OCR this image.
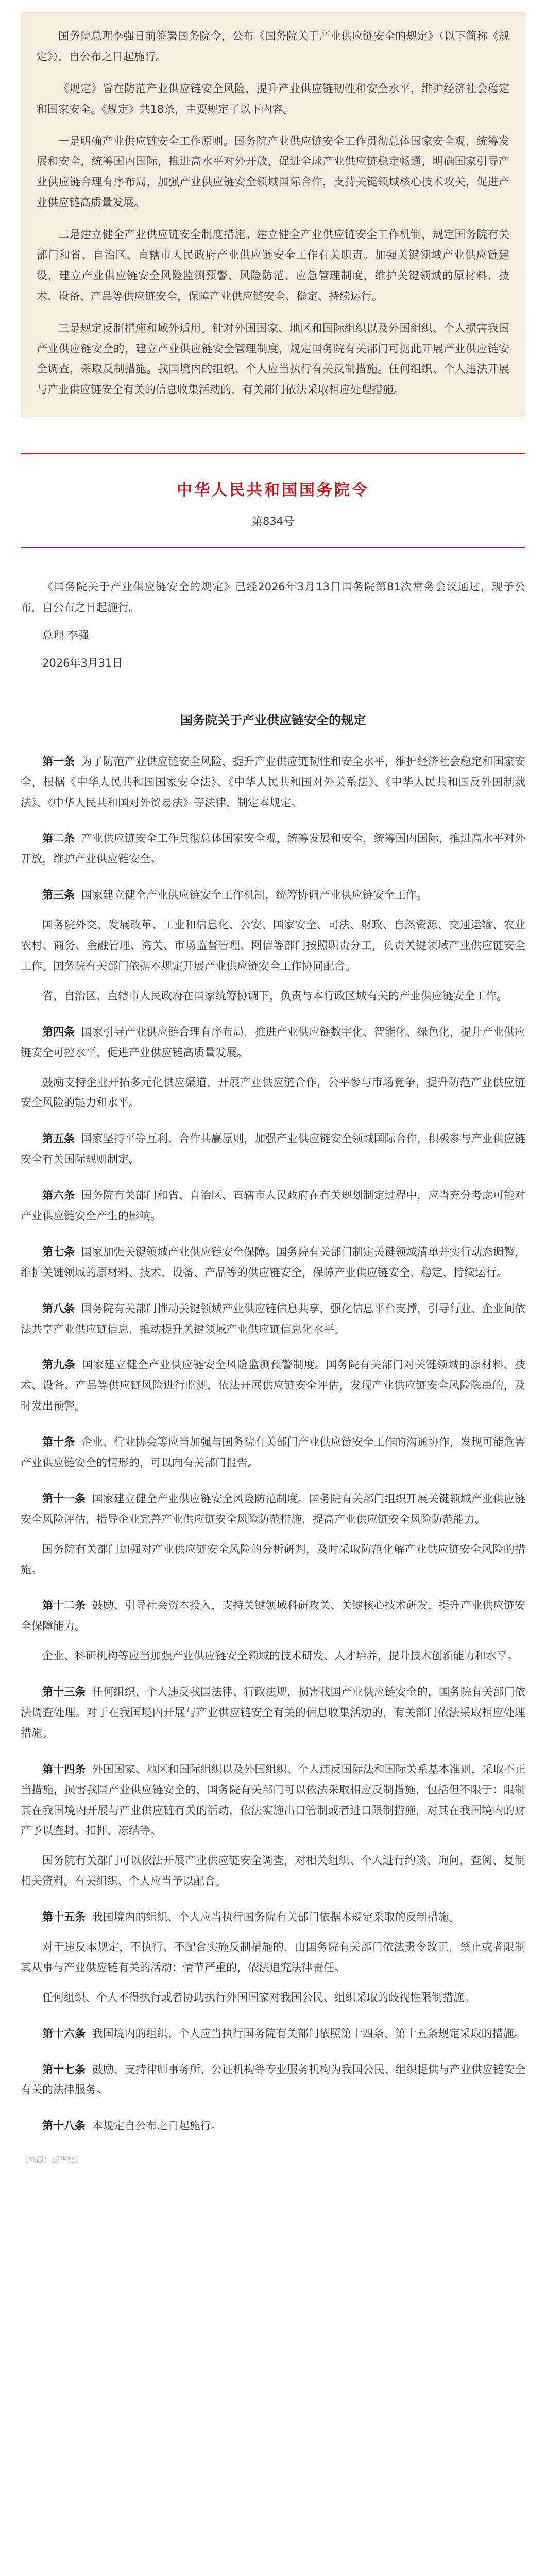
国务院总理李强日前签署国务院令，公布《国务院关于产业供应链安全的规定》（以下简称《规定》），自公布之日起施行。

《规定》旨在防范产业供应链安全风险，提升产业供应链韧性和安全水平，维护经济社会稳定和国家安全。《规定》共18条，主要规定了以下内容。

一是明确产业供应链安全工作原则。国务院产业供应链安全工作贯彻总体国家安全观，统筹发展和安全，统筹国内国际，推进高水平对外开放，促进全球产业供应链稳定畅通，明确国家引导产业供应链合理有序布局，加强产业供应链安全领域国际合作，支持关键领域核心技术攻关，促进产业供应链高质量发展。

二是建立健全产业供应链安全制度措施。建立健全产业供应链安全工作机制，规定国务院有关部门和省、自治区、直辖市人民政府产业供应链安全工作有关职责。加强关键领域产业供应链建设，建立产业供应链安全风险监测预警、风险防范、应急管理制度，维护关键领域的原材料、技术、设备、产品等供应链安全，保障产业供应链安全、稳定、持续运行。

三是规定反制措施和域外适用。针对外国国家、地区和国际组织以及外国组织、个人损害我国产业供应链安全的，建立产业供应链安全管理制度，规定国务院有关部门可据此开展产业供应链安全调查，采取反制措施。我国境内的组织、个人应当执行有关反制措施。任何组织、个人违法开展与产业供应链安全有关的信息收集活动的，有关部门依法采取相应处理措施。

中华人民共和国国务院令

第834号

《国务院关于产业供应链安全的规定》已经2026年3月13日国务院第81次常务会议通过，现予公布，自公布之日起施行。

总理 李强

2026年3月31日

国务院关于产业供应链安全的规定

第一条 为了防范产业供应链安全风险，提升产业供应链韧性和安全水平，维护经济社会稳定和国家安全，根据《中华人民共和国国家安全法》、《中华人民共和国对外关系法》、《中华人民共和国反外国制裁法》、《中华人民共和国对外贸易法》等法律，制定本规定。

第二条 产业供应链安全工作贯彻总体国家安全观，统筹发展和安全，统筹国内国际，推进高水平对外开放，维护产业供应链安全。

第三条 国家建立健全产业供应链安全工作机制，统筹协调产业供应链安全工作。

国务院外交、发展改革、工业和信息化、公安、国家安全、司法、财政、自然资源、交通运输、农业农村、商务、金融管理、海关、市场监督管理、网信等部门按照职责分工，负责关键领域产业供应链安全工作。国务院有关部门依据本规定开展产业供应链安全工作协同配合。

省、自治区、直辖市人民政府在国家统筹协调下，负责与本行政区域有关的产业供应链安全工作。

第四条 国家引导产业供应链合理有序布局，推进产业供应链数字化、智能化、绿色化，提升产业供应链安全可控水平，促进产业供应链高质量发展。

鼓励支持企业开拓多元化供应渠道，开展产业供应链合作，公平参与市场竞争，提升防范产业供应链安全风险的能力和水平。

第五条 国家坚持平等互利、合作共赢原则，加强产业供应链安全领域国际合作，积极参与产业供应链安全有关国际规则制定。

第六条 国务院有关部门和省、自治区、直辖市人民政府在有关规划制定过程中，应当充分考虑可能对产业供应链安全产生的影响。

第七条 国家加强关键领域产业供应链安全保障。国务院有关部门制定关键领域清单并实行动态调整，维护关键领域的原材料、技术、设备、产品等的供应链安全，保障产业供应链安全、稳定、持续运行。

第八条 国务院有关部门推动关键领域产业供应链信息共享，强化信息平台支撑，引导行业、企业间依法共享产业供应链信息，推动提升关键领域产业供应链信息化水平。

第九条 国家建立健全产业供应链安全风险监测预警制度。国务院有关部门对关键领域的原材料、技术、设备、产品等供应链风险进行监测，依法开展供应链安全评估，发现产业供应链安全风险隐患的，及时发出预警。

第十条 企业、行业协会等应当加强与国务院有关部门产业供应链安全工作的沟通协作，发现可能危害产业供应链安全的情形的，可以向有关部门报告。

第十一条 国家建立健全产业供应链安全风险防范制度。国务院有关部门组织开展关键领域产业供应链安全风险评估，指导企业完善产业供应链安全风险防范措施，提高产业供应链安全风险防范能力。

国务院有关部门加强对产业供应链安全风险的分析研判，及时采取防范化解产业供应链安全风险的措施。

第十二条 鼓励、引导社会资本投入，支持关键领域科研攻关、关键核心技术研发，提升产业供应链安全保障能力。

企业、科研机构等应当加强产业供应链安全领域的技术研发、人才培养，提升技术创新能力和水平。

第十三条 任何组织、个人违反我国法律、行政法规，损害我国产业供应链安全的，国务院有关部门依法调查处理。对于在我国境内开展与产业供应链安全有关的信息收集活动的，有关部门依法采取相应处理措施。

第十四条 外国国家、地区和国际组织以及外国组织、个人违反国际法和国际关系基本准则，采取不正当措施，损害我国产业供应链安全的，国务院有关部门可以依法采取相应反制措施，包括但不限于：限制其在我国境内开展与产业供应链有关的活动，依法实施出口管制或者进口限制措施，对其在我国境内的财产予以查封、扣押、冻结等。

国务院有关部门可以依法开展产业供应链安全调查，对相关组织、个人进行约谈、询问，查阅、复制相关资料。有关组织、个人应当予以配合。

第十五条 我国境内的组织、个人应当执行国务院有关部门依据本规定采取的反制措施。

对于违反本规定，不执行、不配合实施反制措施的，由国务院有关部门依法责令改正，禁止或者限制其从事与产业供应链有关的活动；情节严重的，依法追究法律责任。

任何组织、个人不得执行或者协助执行外国国家对我国公民、组织采取的歧视性限制措施。

第十六条 我国境内的组织、个人应当执行国务院有关部门依照第十四条、第十五条规定采取的措施。

第十七条 鼓励、支持律师事务所、公证机构等专业服务机构为我国公民、组织提供与产业供应链安全有关的法律服务。

第十八条 本规定自公布之日起施行。

（来源：新华社）
